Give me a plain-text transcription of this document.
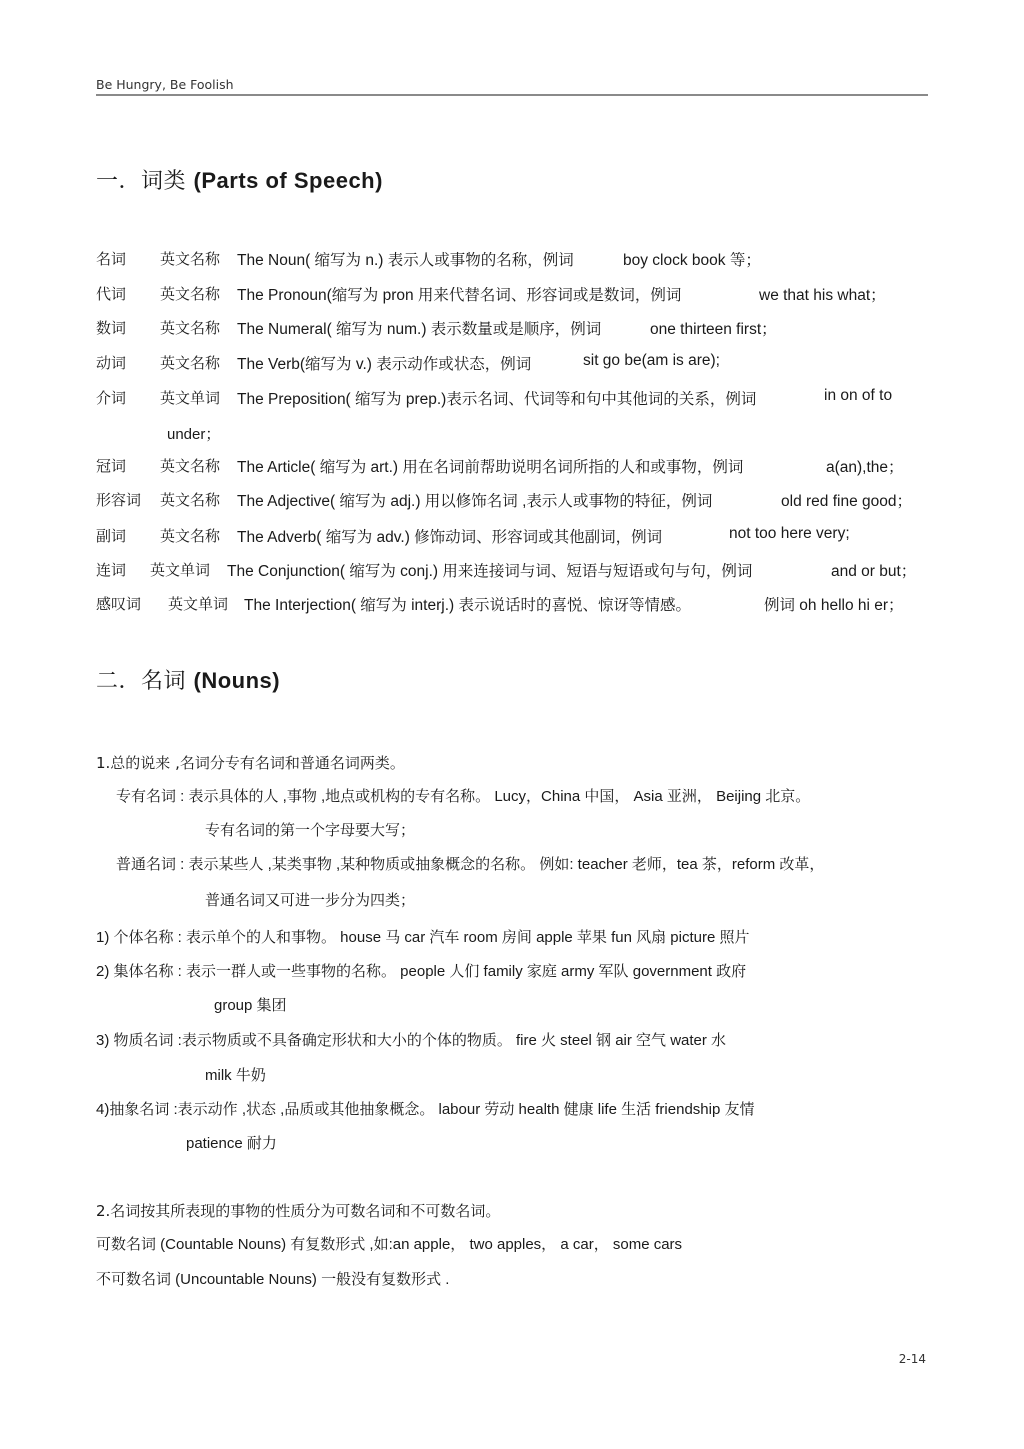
Be Hungry, Be Foolish
一．词类 (Parts of Speech)
名词 英文名称 The Noun( 缩写为 n.) 表示人或事物的名称，例词	boy clock book 等；
代词 英文名称 The Pronoun(缩写为 pron 用来代替名词、形容词或是数词，例词	we that his what；
数词 英文名称 The Numeral( 缩写为 num.) 表示数量或是顺序，例词	one thirteen first；
动词 英文名称 The Verb(缩写为 v.) 表示动作或状态，例词	sit go be(am is are);
介词 英文单词 The Preposition( 缩写为 prep.)表示名词、代词等和句中其他词的关系，例词	in on of to
under；
冠词 英文名称 The Article( 缩写为 art.) 用在名词前帮助说明名词所指的人和或事物，例词	a(an),the；
形容词 英文名称 The Adjective( 缩写为 adj.) 用以修饰名词 ,表示人或事物的特征，例词	old red fine good；
副词 英文名称 The Adverb( 缩写为 adv.) 修饰动词、形容词或其他副词，例词	not too here very;
连词 英文单词 The Conjunction( 缩写为 conj.) 用来连接词与词、短语与短语或句与句，例词	and or but；
感叹词 英文单词 The Interjection( 缩写为 interj.) 表示说话时的喜悦、惊讶等情感。	例词 oh hello hi er；
二．名词 (Nouns)
1.总的说来 ,名词分专有名词和普通名词两类。
专有名词 : 表示具体的人 ,事物 ,地点或机构的专有名称。 Lucy，China 中国， Asia 亚洲， Beijing 北京。
专有名词的第一个字母要大写；
普通名词 : 表示某些人 ,某类事物 ,某种物质或抽象概念的名称。 例如: teacher 老师，tea 茶，reform 改革，
普通名词又可进一步分为四类；
1) 个体名称 : 表示单个的人和事物。 house 马 car 汽车 room 房间 apple 苹果 fun 风扇 picture 照片
2) 集体名称 : 表示一群人或一些事物的名称。 people 人们 family 家庭 army 军队 government 政府
group 集团
3) 物质名词 :表示物质或不具备确定形状和大小的个体的物质。 fire 火 steel 钢 air 空气 water 水
milk 牛奶
4)抽象名词 :表示动作 ,状态 ,品质或其他抽象概念。 labour 劳动 health 健康 life 生活 friendship 友情
patience 耐力
2.名词按其所表现的事物的性质分为可数名词和不可数名词。
可数名词 (Countable Nouns) 有复数形式 ,如:an apple， two apples， a car， some cars
不可数名词 (Uncountable Nouns) 一般没有复数形式 .
2-14
